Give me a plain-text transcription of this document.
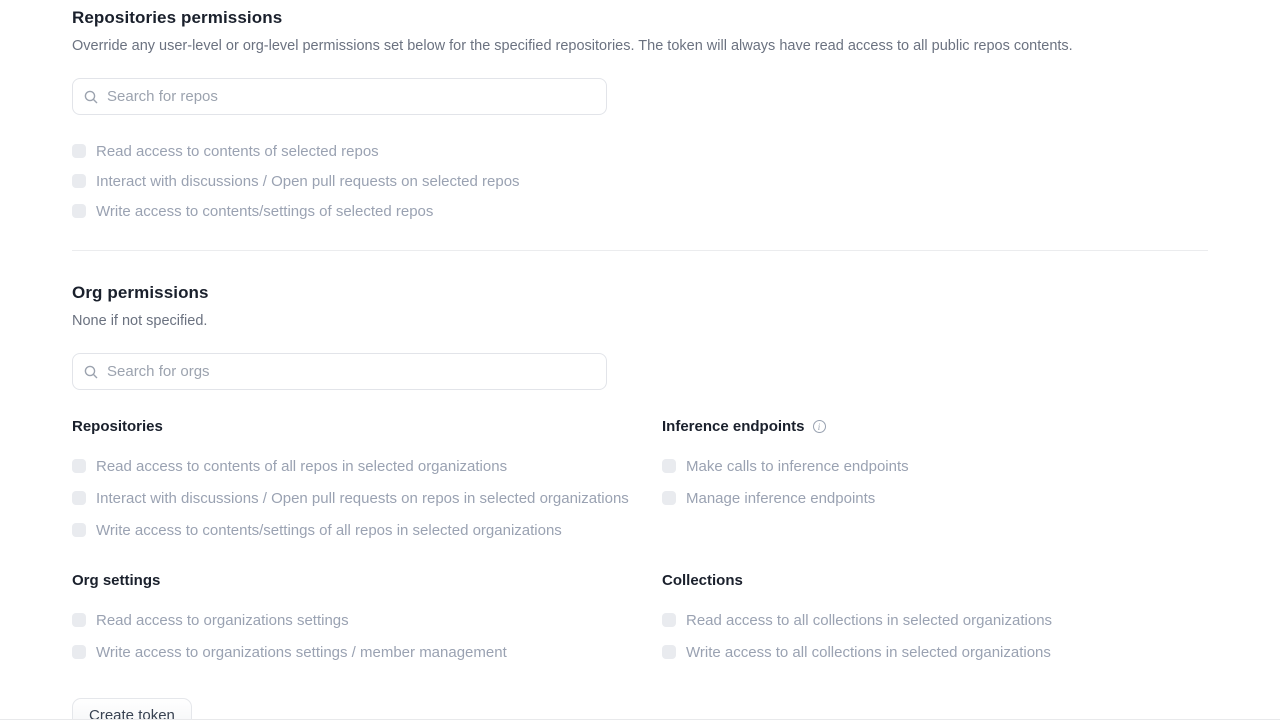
Repositories permissions

Override any user-level or org-level permissions set below for the specified repositories. The token will always have read access to all public repos contents.

Search for repos
Read access to contents of selected repos
Interact with discussions / Open pull requests on selected repos
Write access to contents/settings of selected repos
Org permissions

None if not specified.

Search for orgs
Repositories
Read access to contents of all repos in selected organizations
Interact with discussions / Open pull requests on repos in selected organizations
Write access to contents/settings of all repos in selected organizations
Inference endpoints	i
Make calls to inference endpoints
Manage inference endpoints
Org settings
Read access to organizations settings
Write access to organizations settings / member management
Collections
Read access to all collections in selected organizations
Write access to all collections in selected organizations
Create token
